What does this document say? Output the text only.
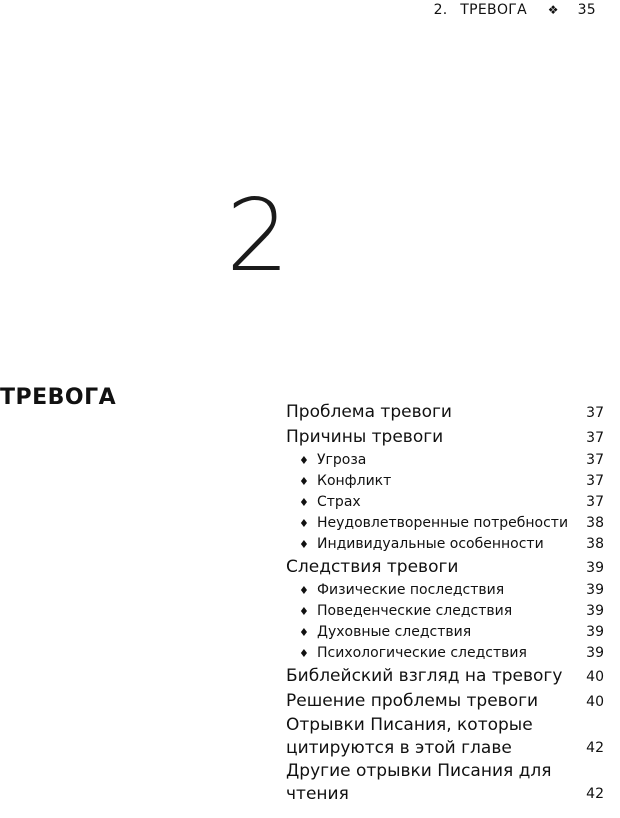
2. ТРЕВОГА ❖ 35
2
ТРЕВОГА
Проблема тревоги	37
Причины тревоги	37
♦ Угроза	37
♦ Конфликт	37
♦ Страх	37
♦ Неудовлетворенные потребности	38
♦ Индивидуальные особенности	38
Следствия тревоги	39
♦ Физические последствия	39
♦ Поведенческие следствия	39
♦ Духовные следствия	39
♦ Психологические следствия	39
Библейский взгляд на тревогу	40
Решение проблемы тревоги	40
Отрывки Писания, которые цитируются в этой главе	42
Другие отрывки Писания для чтения	42
